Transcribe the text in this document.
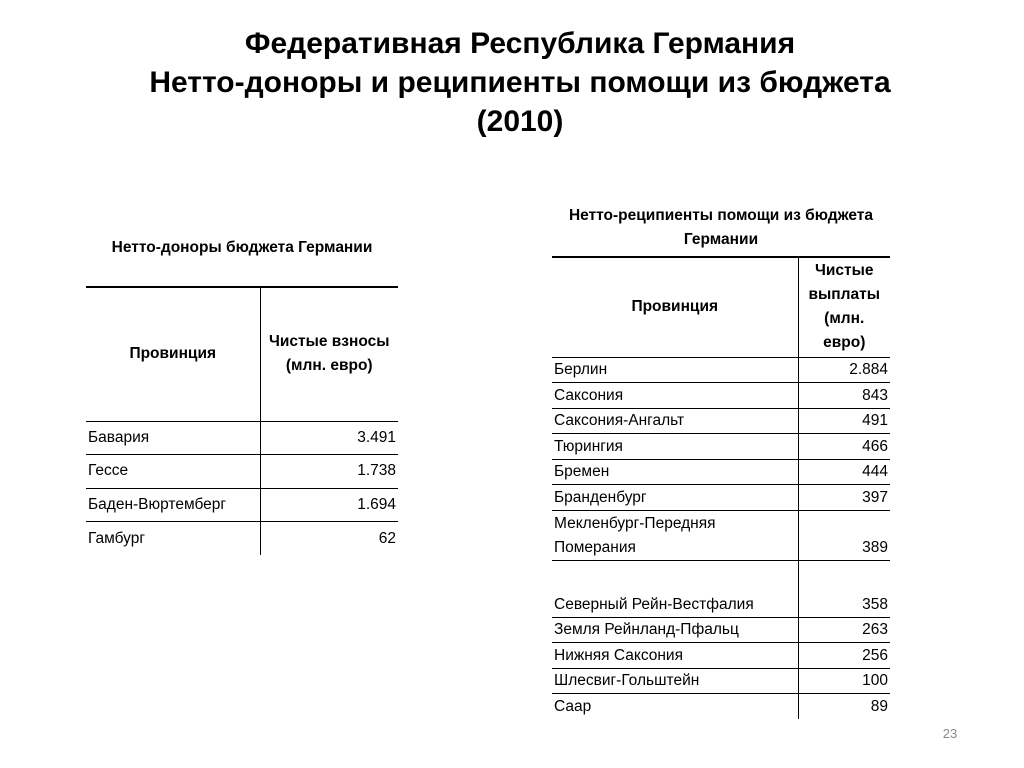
Федеративная Республика Германия
Нетто-доноры и реципиенты помощи из бюджета
(2010)
Нетто-доноры бюджета Германии
Провинция	Чистые взносы (млн. евро)
Бавария	3.491
Гессе	1.738
Баден-Вюртемберг	1.694
Гамбург	62
Нетто-реципиенты помощи из бюджета Германии
Провинция	Чистые выплаты (млн. евро)
Берлин	2.884
Саксония	843
Саксония-Ангальт	491
Тюрингия	466
Бремен	444
Бранденбург	397
Мекленбург-Передняя Померания	389

Северный Рейн-Вестфалия	358
Земля Рейнланд-Пфальц	263
Нижняя Саксония	256
Шлесвиг-Гольштейн	100
Саар	89
23
